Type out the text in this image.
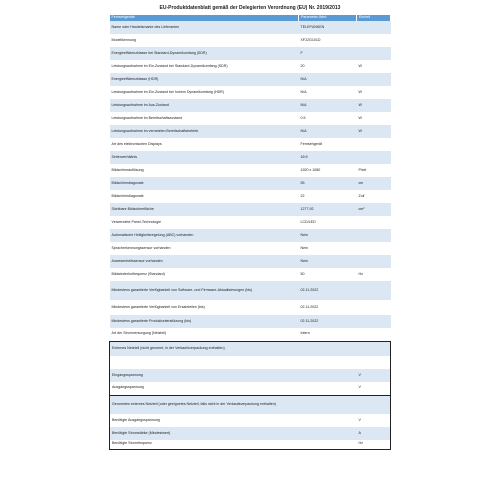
EU-Produktdatenblatt gemäß der Delegierten Verordnung (EU) Nr. 2019/2013
Fernsehgeräte	Parameter-Wert	Einheit
Name oder Handelsmarke des Lieferanten	TELEFUNKEN	
Modellkennung	XF22G101D	
Energieeffizienzklasse bei Standard-Dynamikumfang (SDR)	F	
Leistungsaufnahme im Ein-Zustand bei Standard-Dynamikumfang (SDR)	20	W
Energieeffizienzklasse (HDR)	N/A	
Leistungsaufnahme im Ein-Zustand bei hohem Dynamikumfang (HDR)	N/A	W
Leistungsaufnahme im Aus-Zustand	N/A	W
Leistungsaufnahme im Bereitschaftszustand	0.5	W
Leistungsaufnahme im vernetzten Bereitschaftsbetrieb	N/A	W
Art des elektronischen Displays	Fernsehgerät	
Seitenverhältnis	16:9	
Bildschirmauflösung	1920 x 1080	Pixel
Bildschirmdiagonale	55	cm
Bildschirmdiagonale	22	Zoll
Sichtbare Bildschirmfläche	1277,92	cm²
Verwendete Panel-Technologie	LCD/LED	
Automatische Helligkeitsregelung (ABC) vorhanden	Nein	
Spracherkennungssensor vorhanden	Nein	
Anwesenheitssensor vorhanden	Nein	
Bildwiederholfrequenz (Standard)	50	Hz
Mindestens garantierte Verfügbarkeit von Software- und Firmware-Aktualisierungen (bis)	02.11.2022	
Mindestens garantierte Verfügbarkeit von Ersatzteilen (bis)	02.11.2022	
Mindestens garantierte Produktunterstützung (bis)	02.11.2022	
Art der Stromversorgung (Netzteil)	Intern	
Externes Netzteil (nicht genormt, in der Verkaufsverpackung enthalten)		

Eingangsspannung		V
Ausgangsspannung		V
Genormtes externes Netzteil (oder geeignetes Netzteil, falls nicht in der Verkaufsverpackung enthalten)		
Benötigte Ausgangsspannung		V
Benötigte Stromstärke (Mindestwert)		A
Benötigte Stromfrequenz		Hz
